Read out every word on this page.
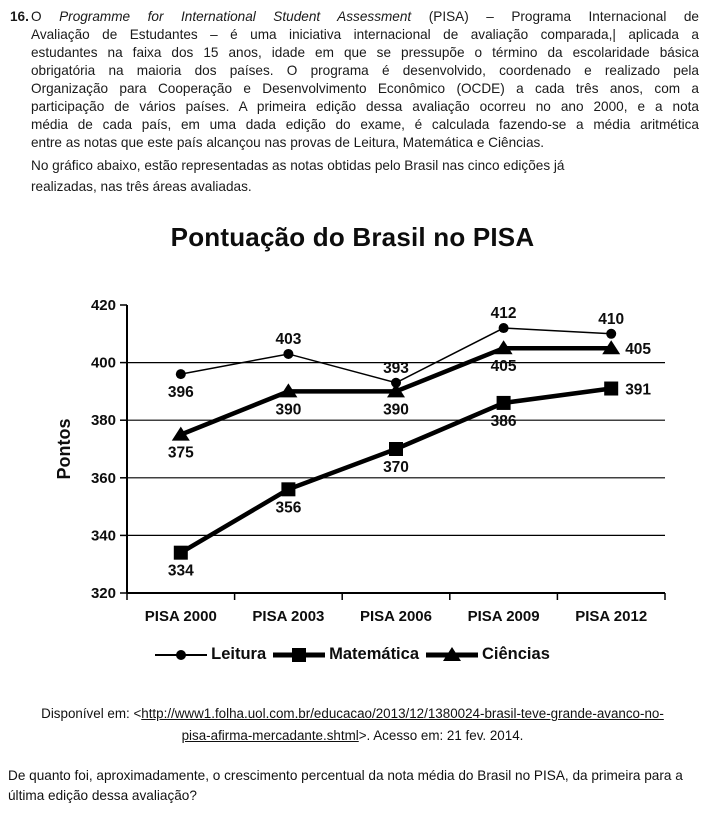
16. O Programme for International Student Assessment (PISA) – Programa Internacional de
Avaliação de Estudantes – é uma iniciativa internacional de avaliação comparada,| aplicada a
estudantes na faixa dos 15 anos, idade em que se pressupõe o término da escolaridade básica
obrigatória na maioria dos países. O programa é desenvolvido, coordenado e realizado pela
Organização para Cooperação e Desenvolvimento Econômico (OCDE) a cada três anos, com a
participação de vários países. A primeira edição dessa avaliação ocorreu no ano 2000, e a nota
média de cada país, em uma dada edição do exame, é calculada fazendo-se a média aritmética
entre as notas que este país alcançou nas provas de Leitura, Matemática e Ciências.
No gráfico abaixo, estão representadas as notas obtidas pelo Brasil nas cinco edições já
realizadas, nas três áreas avaliadas.
Pontuação do Brasil no PISA
320
340
360
380
400
420
PISA 2000 PISA 2003 PISA 2006 PISA 2009 PISA 2012
Pontos
396
403
393
412	410
334
356
370
386
391
375
390	390
405
405
Leitura	Matemática	Ciências
Disponível em: <http://www1.folha.uol.com.br/educacao/2013/12/1380024-brasil-teve-grande-avanco-no-
pisa-afirma-mercadante.shtml>. Acesso em: 21 fev. 2014.
De quanto foi, aproximadamente, o crescimento percentual da nota média do Brasil no PISA, da primeira para a última edição dessa avaliação?
